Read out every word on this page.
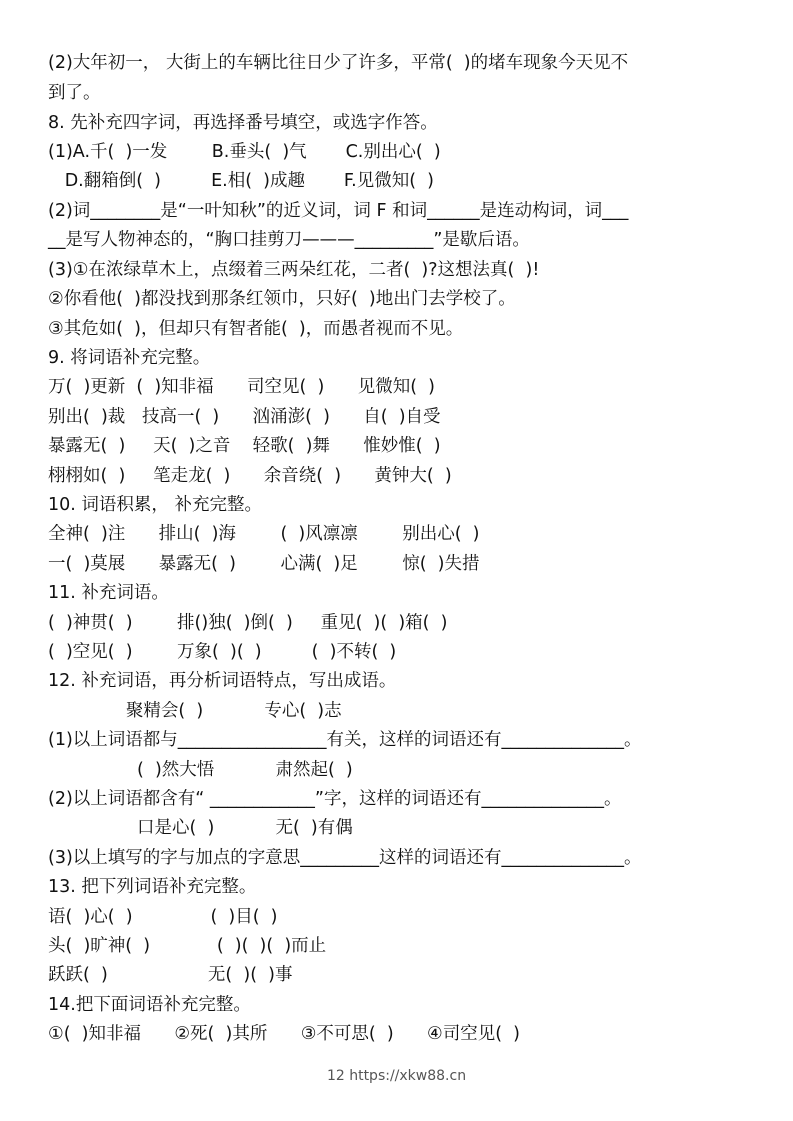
(2)大年初一， 大街上的车辆比往日少了许多，平常(  )的堵车现象今天见不
到了。
8. 先补充四字词，再选择番号填空，或选字作答。
(1)A.千(  )一发        B.垂头(  )气       C.别出心(  )
D.翻箱倒(  )         E.相(  )成趣       F.见微知(  )
(2)词________是“一叶知秋”的近义词，词 F 和词______是连动构词，词___
__是写人物神态的，“胸口挂剪刀———_________”是歇后语。
(3)①在浓绿草木上，点缀着三两朵红花，二者(  )?这想法真(  )!
②你看他(  )都没找到那条红领巾，只好(  )地出门去学校了。
③其危如(  )，但却只有智者能(  )，而愚者视而不见。
9. 将词语补充完整。
万(  )更新  (  )知非福      司空见(  )      见微知(  )
别出(  )裁   技高一(  )      汹涌澎(  )      自(  )自受
暴露无(  )     天(  )之音    轻歌(  )舞      惟妙惟(  )
栩栩如(  )     笔走龙(  )      余音绕(  )      黄钟大(  )
10. 词语积累， 补充完整。
全神(  )注      排山(  )海        (  )风凛凛        别出心(  )
一(  )莫展      暴露无(  )        心满(  )足        惊(  )失措
11. 补充词语。
(  )神贯(  )        排()独(  )倒(  )     重见(  )(  )箱(  )
(  )空见(  )        万象(  )(  )         (  )不转(  )
12. 补充词语，再分析词语特点，写出成语。
聚精会(  )           专心(  )志
(1)以上词语都与_________________有关，这样的词语还有______________。
(  )然大悟           肃然起(  )
(2)以上词语都含有“ ____________”字，这样的词语还有______________。
口是心(  )           无(  )有偶
(3)以上填写的字与加点的字意思_________这样的词语还有______________。
13. 把下列词语补充完整。
语(  )心(  )              (  )目(  )
头(  )旷神(  )            (  )(  )(  )而止
跃跃(  )                  无(  )(  )事
14.把下面词语补充完整。
①(  )知非福      ②死(  )其所      ③不可思(  )      ④司空见(  )
12 https://xkw88.cn
